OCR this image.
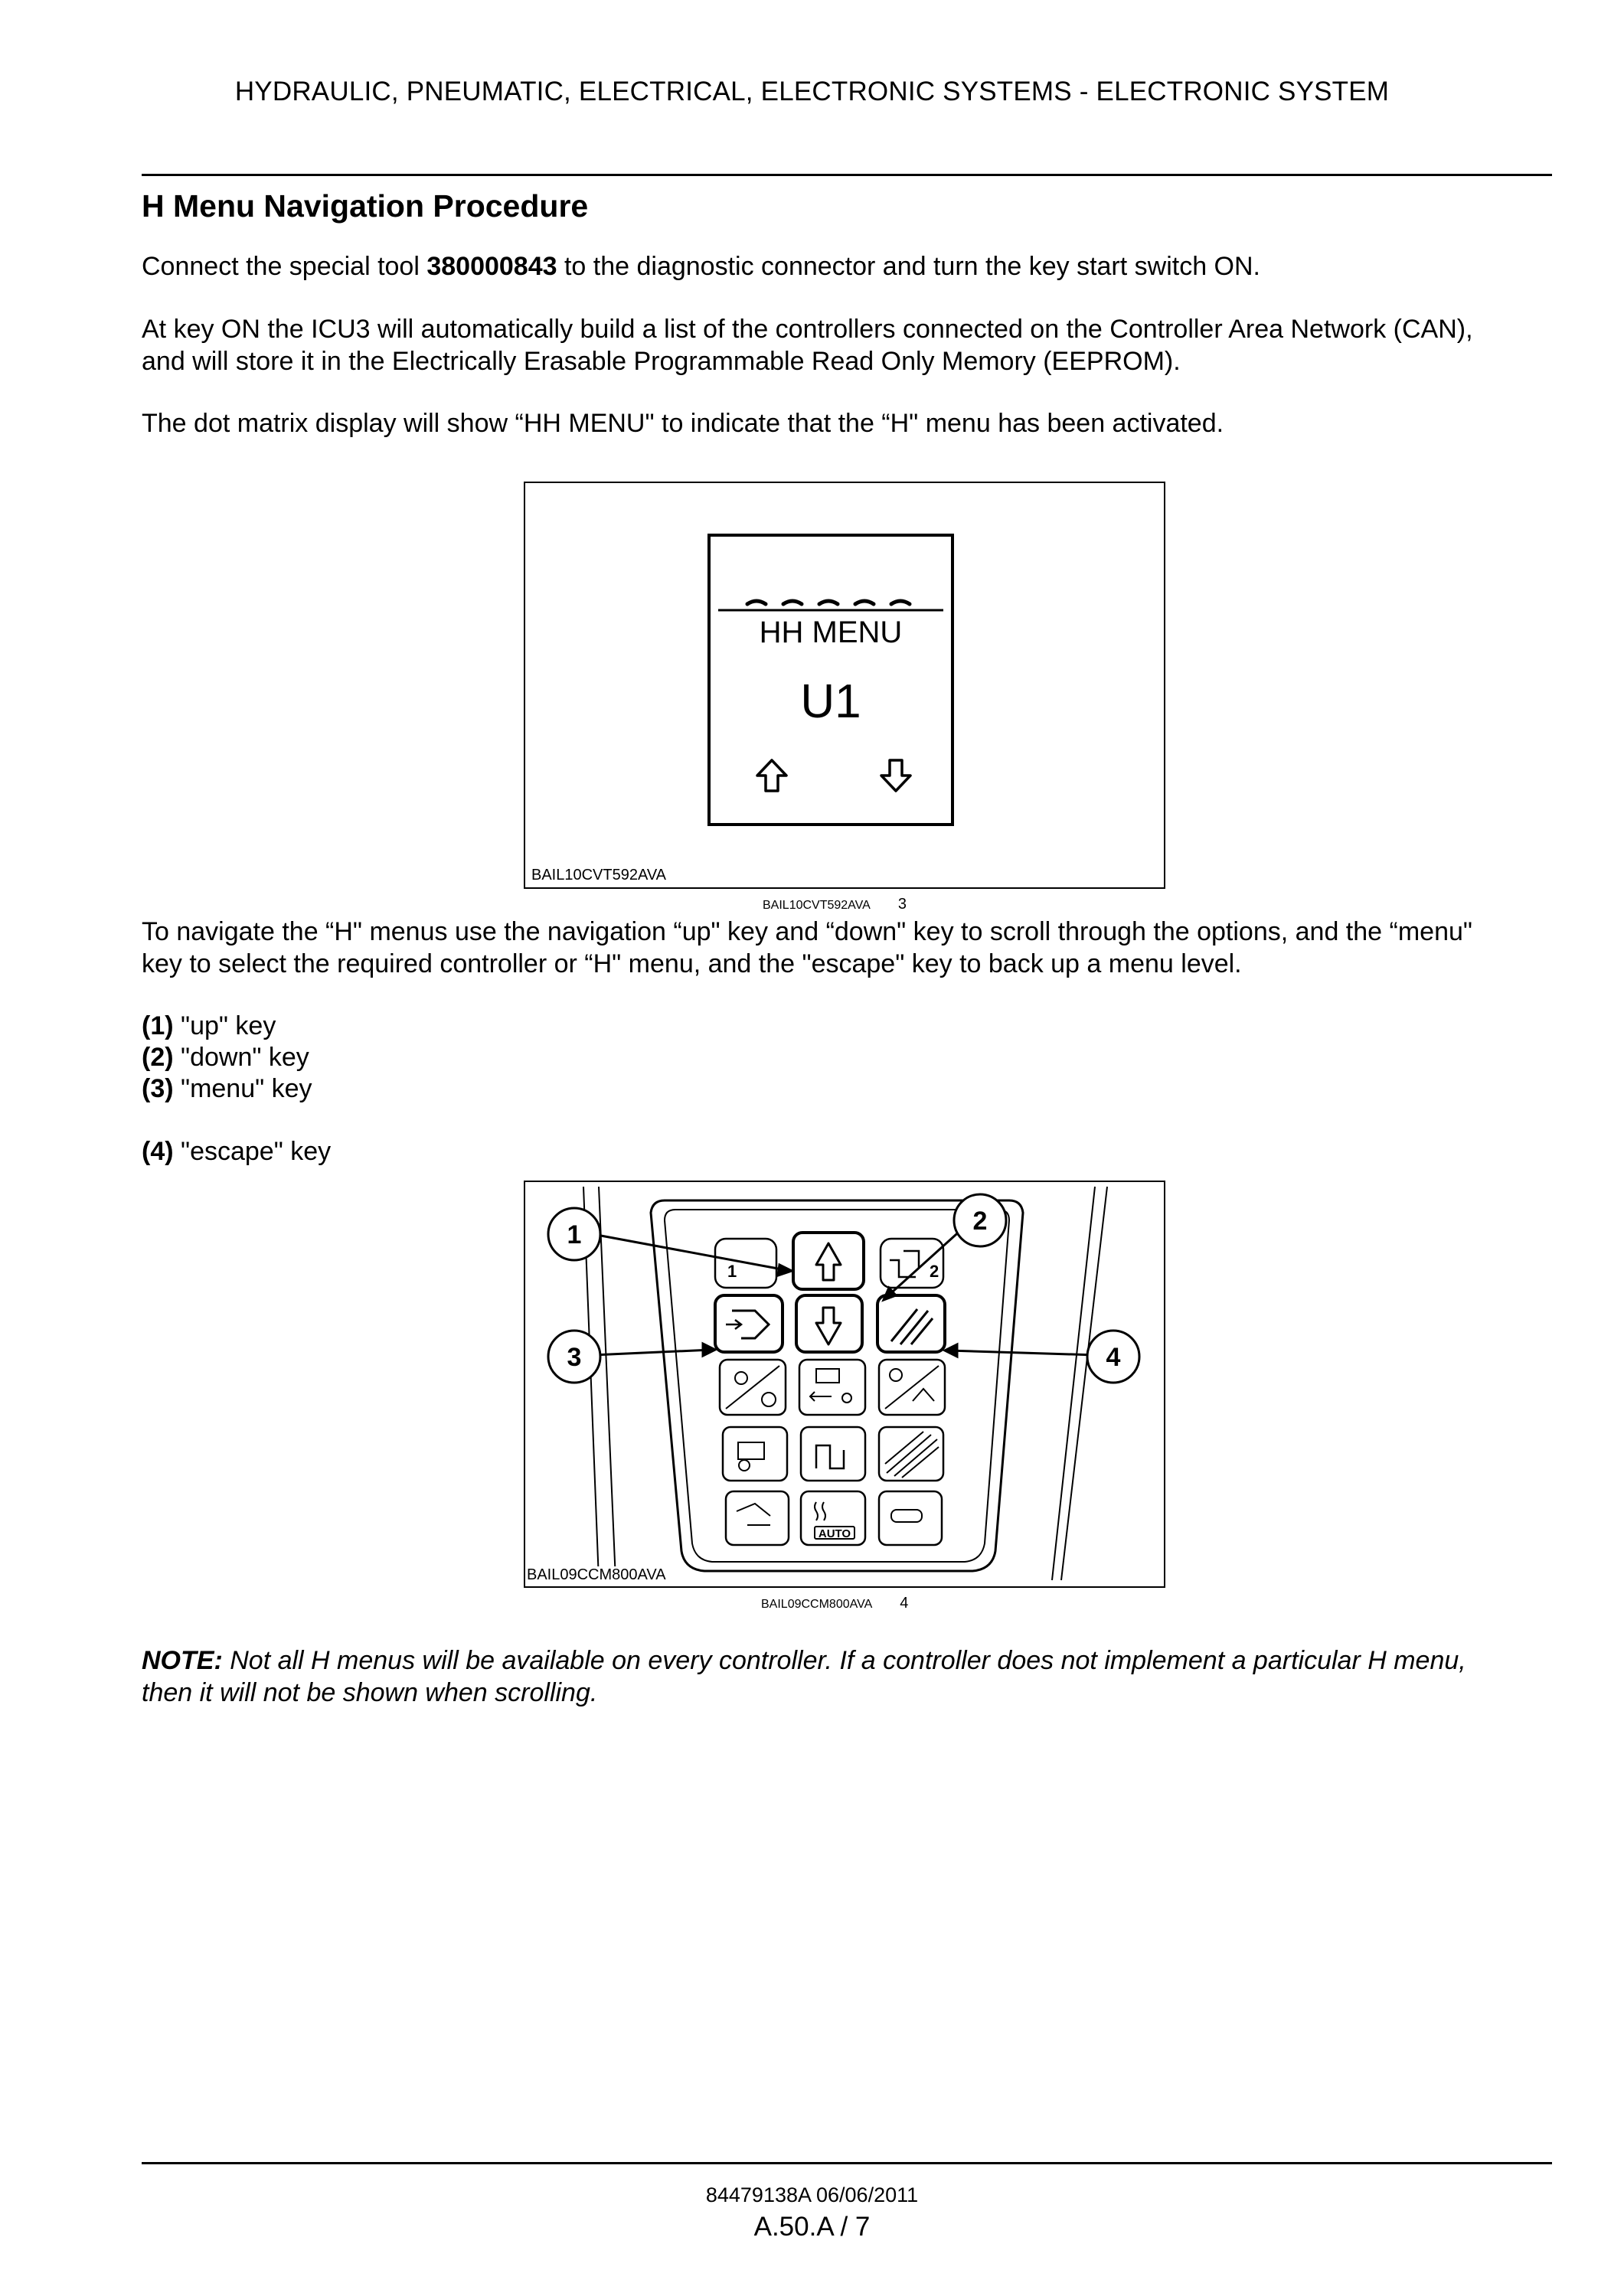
HYDRAULIC, PNEUMATIC, ELECTRICAL, ELECTRONIC SYSTEMS - ELECTRONIC SYSTEM
H Menu Navigation Procedure
Connect the special tool 380000843 to the diagnostic connector and turn the key start switch ON.
At key ON the ICU3 will automatically build a list of the controllers connected on the Controller Area Network (CAN),
and will store it in the Electrically Erasable Programmable Read Only Memory (EEPROM).
The dot matrix display will show “HH MENU" to indicate that the “H" menu has been activated.
HH MENU
U1
BAIL10CVT592AVA
BAIL10CVT592AVA 3
To navigate the “H" menus use the navigation “up" key and “down" key to scroll through the options, and the “menu"
key to select the required controller or “H" menu, and the "escape" key to back up a menu level.
(1) "up" key
(2) "down" key
(3) "menu" key
(4) "escape" key
1	2
AUTO
1	2
3	4
BAIL09CCM800AVA
BAIL09CCM800AVA 4
NOTE: Not all H menus will be available on every controller. If a controller does not implement a particular H menu,
then it will not be shown when scrolling.
84479138A 06/06/2011
A.50.A / 7
